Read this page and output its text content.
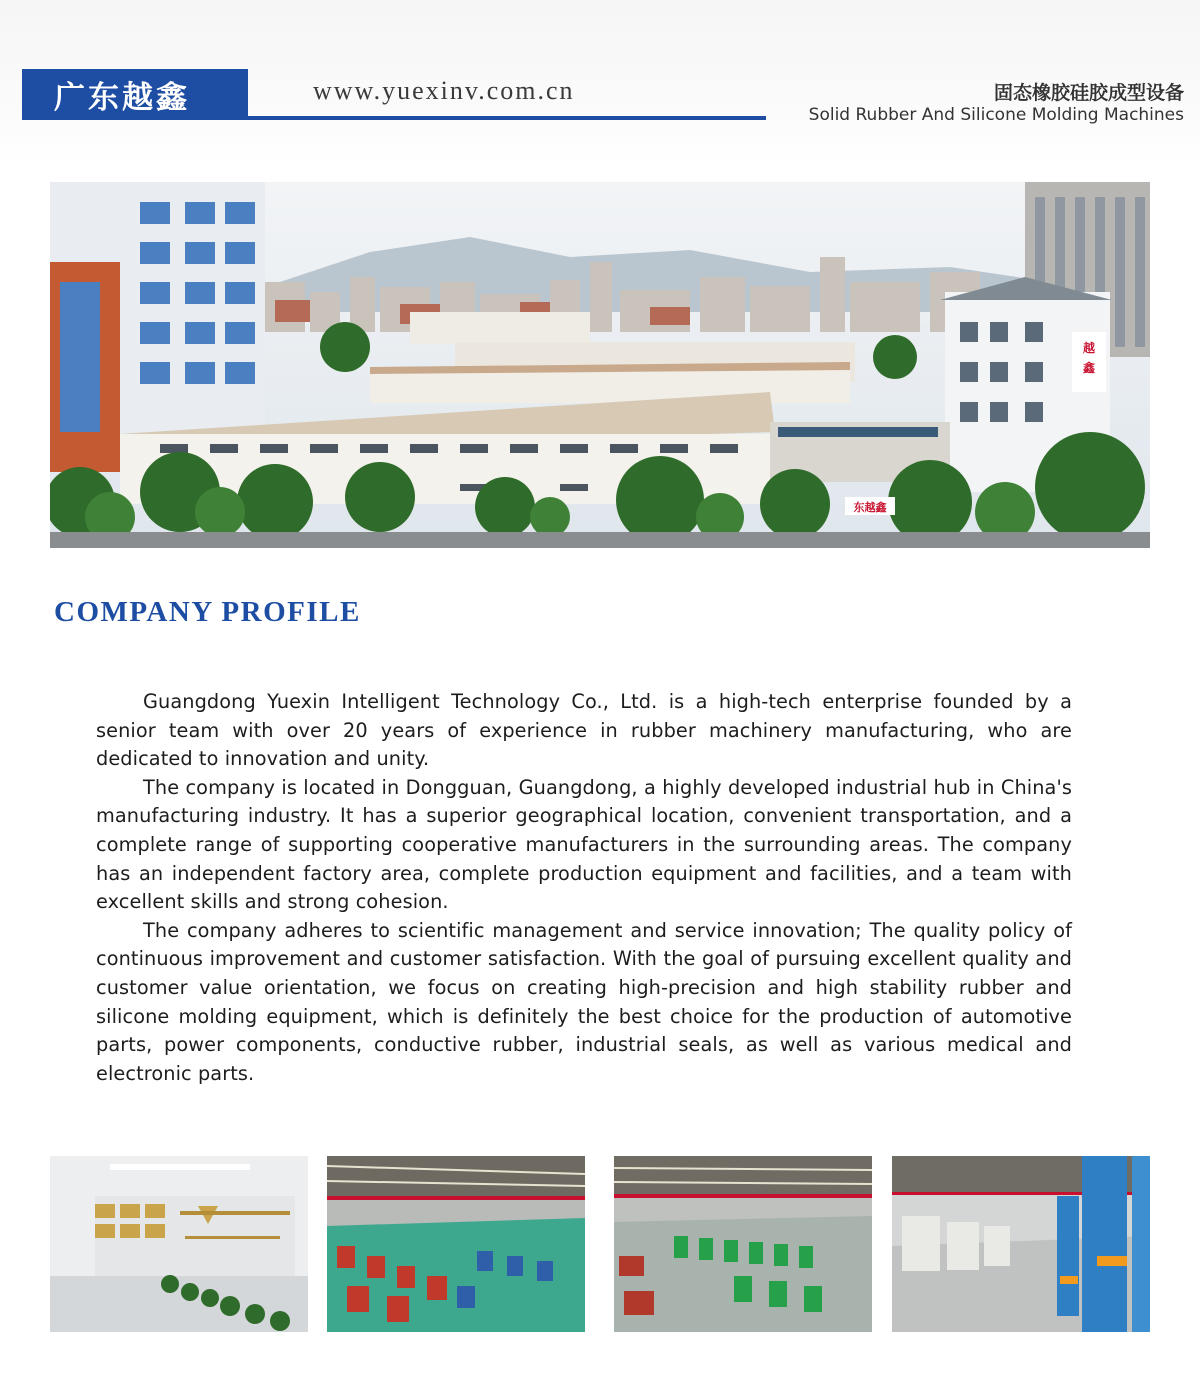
广东越鑫	www.yuexinv.com.cn	固态橡胶硅胶成型设备
Solid Rubber And Silicone Molding Machines
越
鑫
东越鑫
COMPANY PROFILE

Guangdong Yuexin Intelligent Technology Co., Ltd. is a high-tech enterprise founded by a senior team with over 20 years of experience in rubber machinery manufacturing, who are dedicated to innovation and unity.

The company is located in Dongguan, Guangdong, a highly developed industrial hub in China's manufacturing industry. It has a superior geographical location, convenient transportation, and a complete range of supporting cooperative manufacturers in the surrounding areas. The company has an independent factory area, complete production equipment and facilities, and a team with excellent skills and strong cohesion.

The company adheres to scientific management and service innovation; The quality policy of continuous improvement and customer satisfaction. With the goal of pursuing excellent quality and customer value orientation, we focus on creating high-precision and high stability rubber and silicone molding equipment, which is definitely the best choice for the production of automotive parts, power components, conductive rubber, industrial seals, as well as various medical and electronic parts.
